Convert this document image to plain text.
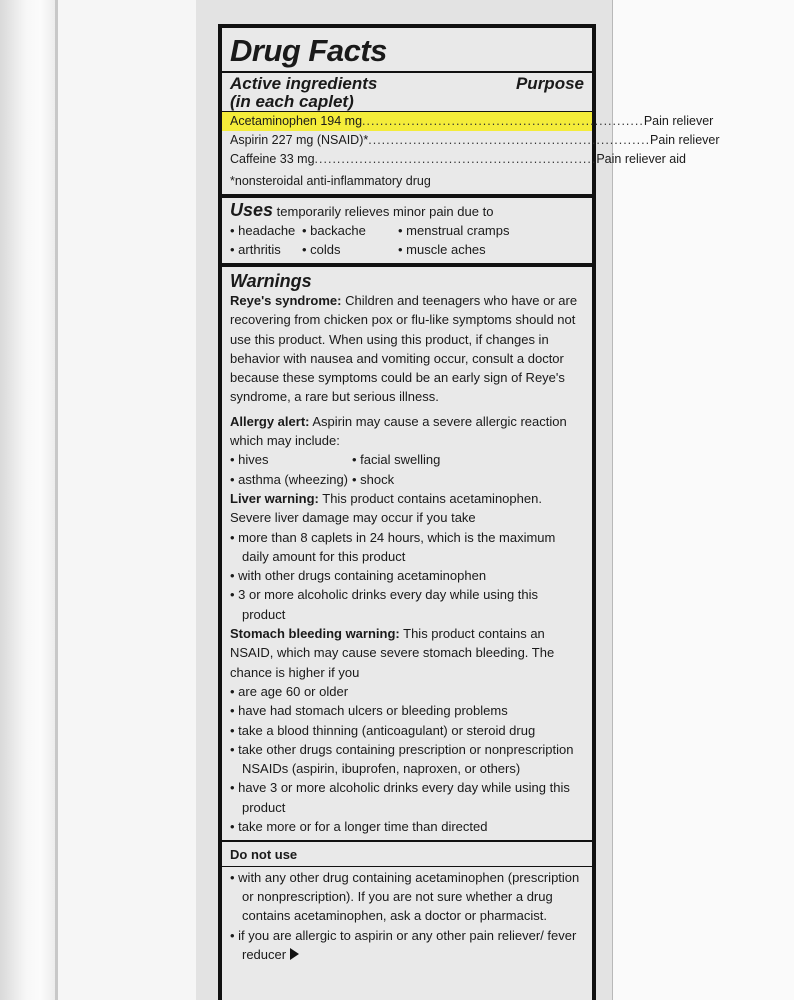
Drug Facts
Active ingredients
(in each caplet)
Purpose
Acetaminophen 194 mg ............................................................... Pain reliever
Aspirin 227 mg (NSAID)* ............................................................... Pain reliever
Caffeine 33 mg ............................................................... Pain reliever aid
*nonsteroidal anti-inflammatory drug
Uses temporarily relieves minor pain due to
• headache • backache	• menstrual cramps
• arthritis	• colds	• muscle aches
Warnings
Reye's syndrome: Children and teenagers who have or are recovering from chicken pox or flu-like symptoms should not use this product. When using this product, if changes in behavior with nausea and vomiting occur, consult a doctor because these symptoms could be an early sign of Reye's syndrome, a rare but serious illness.
Allergy alert: Aspirin may cause a severe allergic reaction which may include:
• hives	• facial swelling
• asthma (wheezing) • shock
Liver warning: This product contains acetaminophen. Severe liver damage may occur if you take
• more than 8 caplets in 24 hours, which is the maximum daily amount for this product
• with other drugs containing acetaminophen
• 3 or more alcoholic drinks every day while using this product
Stomach bleeding warning: This product contains an NSAID, which may cause severe stomach bleeding. The chance is higher if you
• are age 60 or older
• have had stomach ulcers or bleeding problems
• take a blood thinning (anticoagulant) or steroid drug
• take other drugs containing prescription or nonprescription NSAIDs (aspirin, ibuprofen, naproxen, or others)
• have 3 or more alcoholic drinks every day while using this product
• take more or for a longer time than directed
Do not use
• with any other drug containing acetaminophen (prescription or nonprescription). If you are not sure whether a drug contains acetaminophen, ask a doctor or pharmacist.
• if you are allergic to aspirin or any other pain reliever/ fever reducer
